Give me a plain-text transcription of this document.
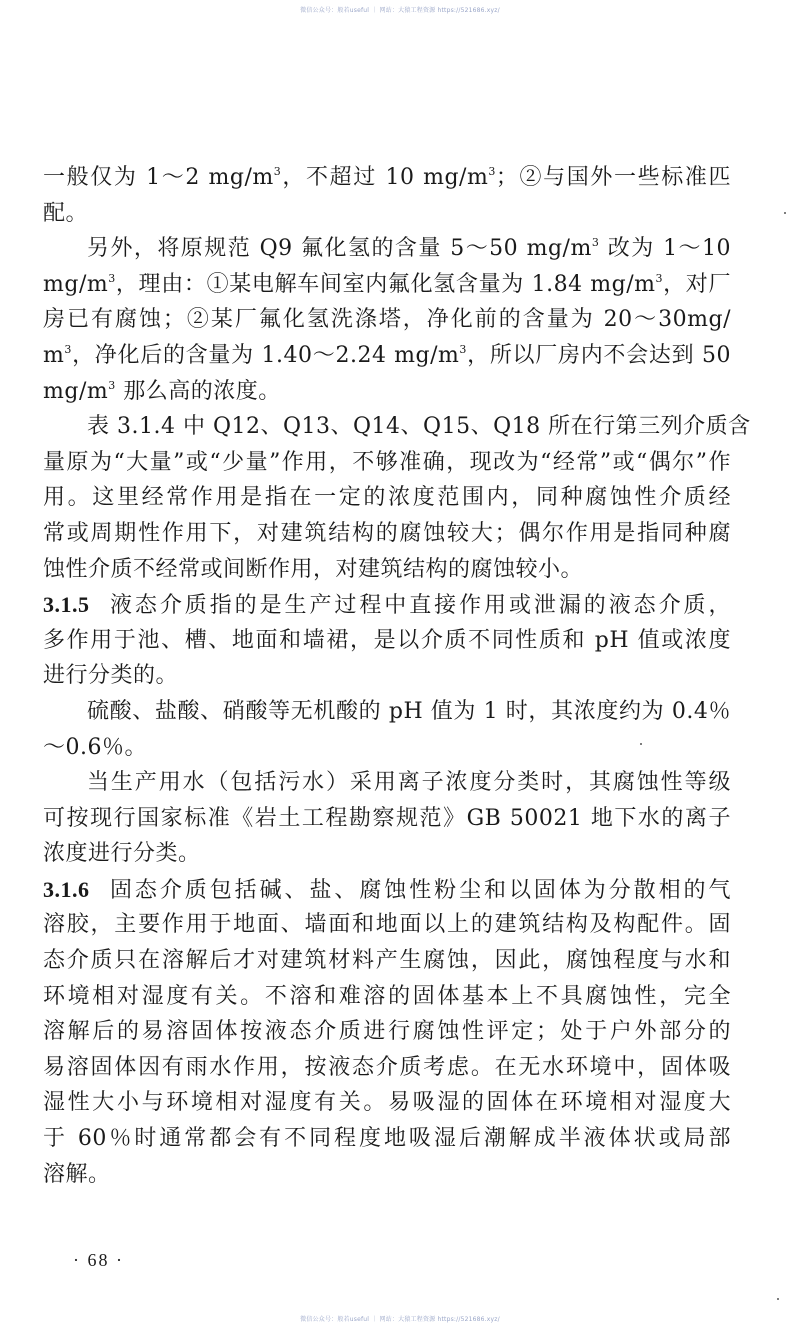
微信公众号：般若useful ｜ 网站：大猿工程资源 https://521686.xyz/
一般仅为 1～2 $mg/m^3$，不超过 10 $mg/m^3$；②与国外一些标准匹
配。
另外，将原规范 Q9 氟化氢的含量 5～50 $mg/m^3$ 改为 1～10
$mg/m^3$，理由：①某电解车间室内氟化氢含量为 1.84 $mg/m^3$，对厂
房已有腐蚀；②某厂氟化氢洗涤塔，净化前的含量为 20～30mg/
$m^3$，净化后的含量为 1.40～2.24 $mg/m^3$，所以厂房内不会达到 50
$mg/m^3$ 那么高的浓度。
表 3.1.4 中 Q12、Q13、Q14、Q15、Q18 所在行第三列介质含
量原为“大量”或“少量”作用，不够准确，现改为“经常”或“偶尔”作
用。这里经常作用是指在一定的浓度范围内，同种腐蚀性介质经
常或周期性作用下，对建筑结构的腐蚀较大；偶尔作用是指同种腐
蚀性介质不经常或间断作用，对建筑结构的腐蚀较小。
3.1.5 液态介质指的是生产过程中直接作用或泄漏的液态介质，
多作用于池、槽、地面和墙裙，是以介质不同性质和 pH 值或浓度
进行分类的。
硫酸、盐酸、硝酸等无机酸的 pH 值为 1 时，其浓度约为 0.4％
～0.6％。
当生产用水（包括污水）采用离子浓度分类时，其腐蚀性等级
可按现行国家标准《岩土工程勘察规范》GB 50021 地下水的离子
浓度进行分类。
3.1.6 固态介质包括碱、盐、腐蚀性粉尘和以固体为分散相的气
溶胶，主要作用于地面、墙面和地面以上的建筑结构及构配件。固
态介质只在溶解后才对建筑材料产生腐蚀，因此，腐蚀程度与水和
环境相对湿度有关。不溶和难溶的固体基本上不具腐蚀性，完全
溶解后的易溶固体按液态介质进行腐蚀性评定；处于户外部分的
易溶固体因有雨水作用，按液态介质考虑。在无水环境中，固体吸
湿性大小与环境相对湿度有关。易吸湿的固体在环境相对湿度大
于 60％时通常都会有不同程度地吸湿后潮解成半液体状或局部
溶解。
· 68 ·
微信公众号：般若useful ｜ 网站：大猿工程资源 https://521686.xyz/
